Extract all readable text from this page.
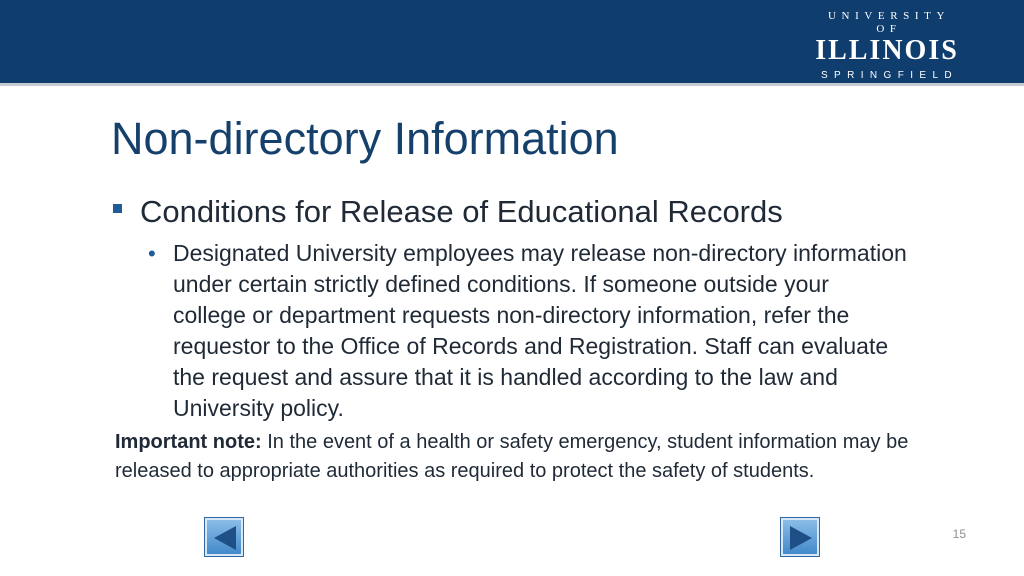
UNIVERSITY OF
ILLINOIS
SPRINGFIELD
Non-directory Information
Conditions for Release of Educational Records
• Designated University employees may release non-directory information under certain strictly defined conditions. If someone outside your college or department requests non-directory information, refer the requestor to the Office of Records and Registration. Staff can evaluate the request and assure that it is handled according to the law and University policy.
Important note: In the event of a health or safety emergency, student information may be released to appropriate authorities as required to protect the safety of students.
15
